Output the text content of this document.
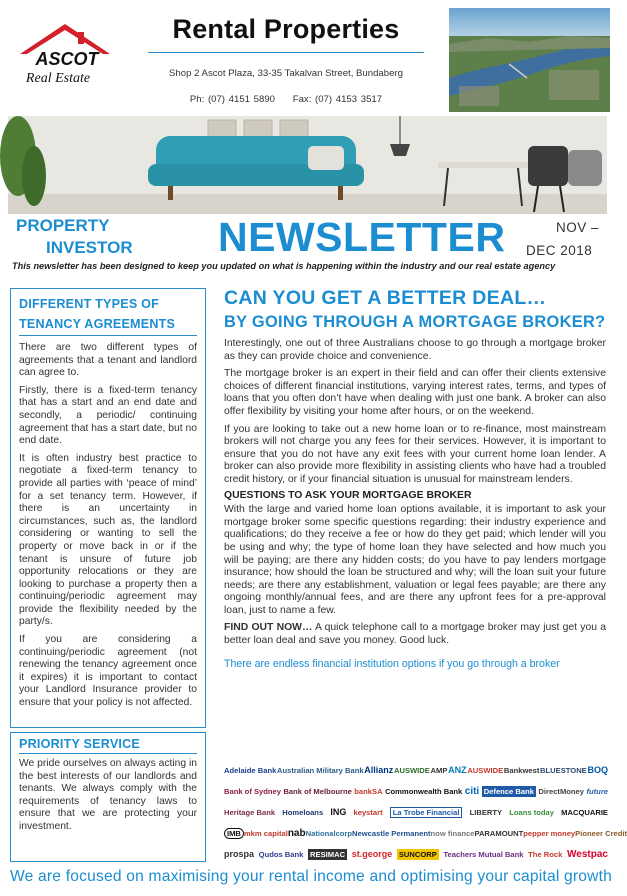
ASCOT
Real Estate
Rental Properties
Shop 2 Ascot Plaza, 33-35 Takalvan Street, Bundaberg
Ph: (07) 4151 5890 Fax: (07) 4153 3517
PROPERTY
INVESTOR NEWSLETTER	NOV –
DEC 2018
This newsletter has been designed to keep you updated on what is happening within the industry and our real estate agency
DIFFERENT TYPES OF
TENANCY AGREEMENTS

There are two different types of agreements that a tenant and landlord can agree to.

Firstly, there is a fixed-term tenancy that has a start and an end date and secondly, a periodic/ continuing agreement that has a start date, but no end date.

It is often industry best practice to negotiate a fixed-term tenancy to provide all parties with ‘peace of mind’ for a set tenancy term. However, if there is an uncertainty in circumstances, such as, the landlord considering or wanting to sell the property or move back in or if the tenant is unsure of future job opportunity relocations or they are looking to purchase a property then a continuing/periodic agreement may provide the flexibility needed by the party/s.

If you are considering a continuing/periodic agreement (not renewing the tenancy agreement once it expires) it is important to contact your Landlord Insurance provider to ensure that your policy is not affected.

PRIORITY SERVICE

We pride ourselves on always acting in the best interests of our landlords and tenants. We always comply with the requirements of tenancy laws to ensure that we are protecting your investment.

CAN YOU GET A BETTER DEAL…
BY GOING THROUGH A MORTGAGE BROKER?

Interestingly, one out of three Australians choose to go through a mortgage broker as they can provide choice and convenience.

The mortgage broker is an expert in their field and can offer their clients extensive choices of different financial institutions, varying interest rates, terms, and types of loans that you often don’t have when dealing with just one bank. A broker can also offer flexibility by visiting your home after hours, or on the weekend.

If you are looking to take out a new home loan or to re-finance, most mainstream brokers will not charge you any fees for their services. However, it is important to ensure that you do not have any exit fees with your current home loan lender. A broker can also provide more flexibility in assisting clients who have had a troubled credit history, or if your financial situation is unusual for mainstream lenders.

QUESTIONS TO ASK YOUR MORTGAGE BROKER

With the large and varied home loan options available, it is important to ask your mortgage broker some specific questions regarding: their industry experience and qualifications; do they receive a fee or how do they get paid; which lender will you be using and why; the type of home loan they have selected and how much you will be paying; are there any hidden costs; do you have to pay lenders mortgage insurance; how should the loan be structured and why; will the loan suit your future needs; are there any establishment, valuation or legal fees payable; are there any ongoing monthly/annual fees, and are there any upfront fees for a pre-approval loan, just to name a few.

FIND OUT NOW… A quick telephone call to a mortgage broker may just get you a better loan deal and save you money. Good luck.

There are endless financial institution options if you go through a broker
Adelaide Bank Australian Military Bank Allianz AUSWIDE AMP ANZ AUSWIDE Bankwest BLUESTONE BOQ
Bank of Sydney Bank of Melbourne bankSA Commonwealth Bank citi Defence Bank DirectMoney future
Heritage Bank Homeloans ING keystart	La Trobe Financial	LIBERTY Loans today MACQUARIE
IMB mkm capital nab Nationalcorp Newcastle Permanent now finance PARAMOUNT pepper money Pioneer Credit
prospa Qudos Bank RESIMAC st.george SUNCORP Teachers Mutual Bank The Rock Westpac
We are focused on maximising your rental income and optimising your capital growth
